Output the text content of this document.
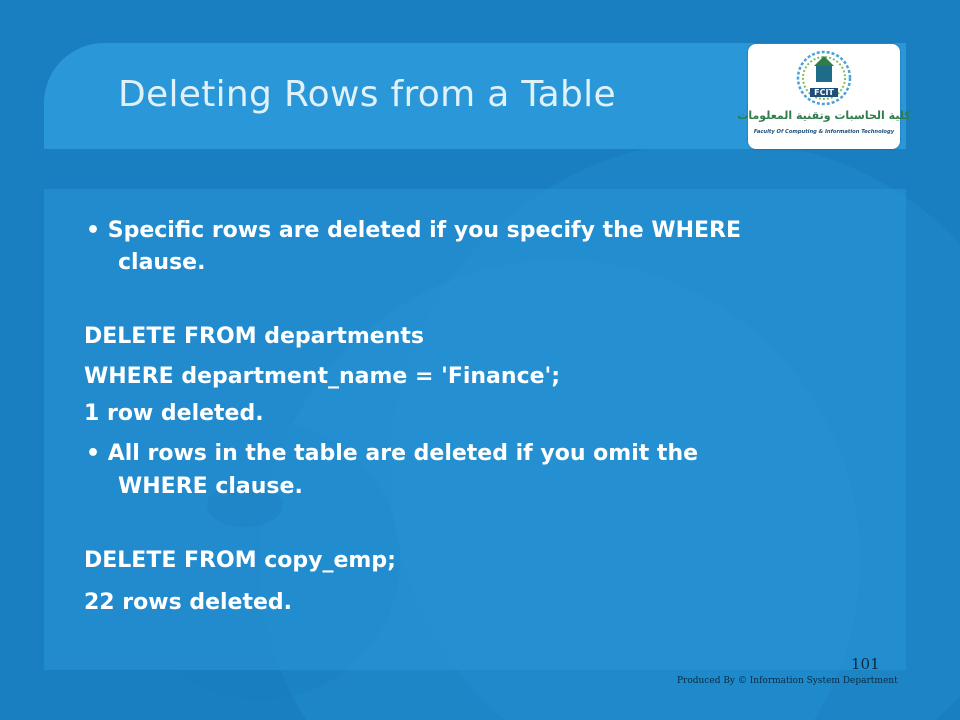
Deleting Rows from a Table	FCIT
كلية الحاسبات وتقنية المعلومات
Faculty Of Computing & Information Technology
• Specific rows are deleted if you specify the WHERE
clause.
DELETE FROM departments
WHERE department_name = 'Finance';
1 row deleted.
• All rows in the table are deleted if you omit the
WHERE clause.
DELETE FROM copy_emp;
22 rows deleted.
101
Produced By © Information System Department
